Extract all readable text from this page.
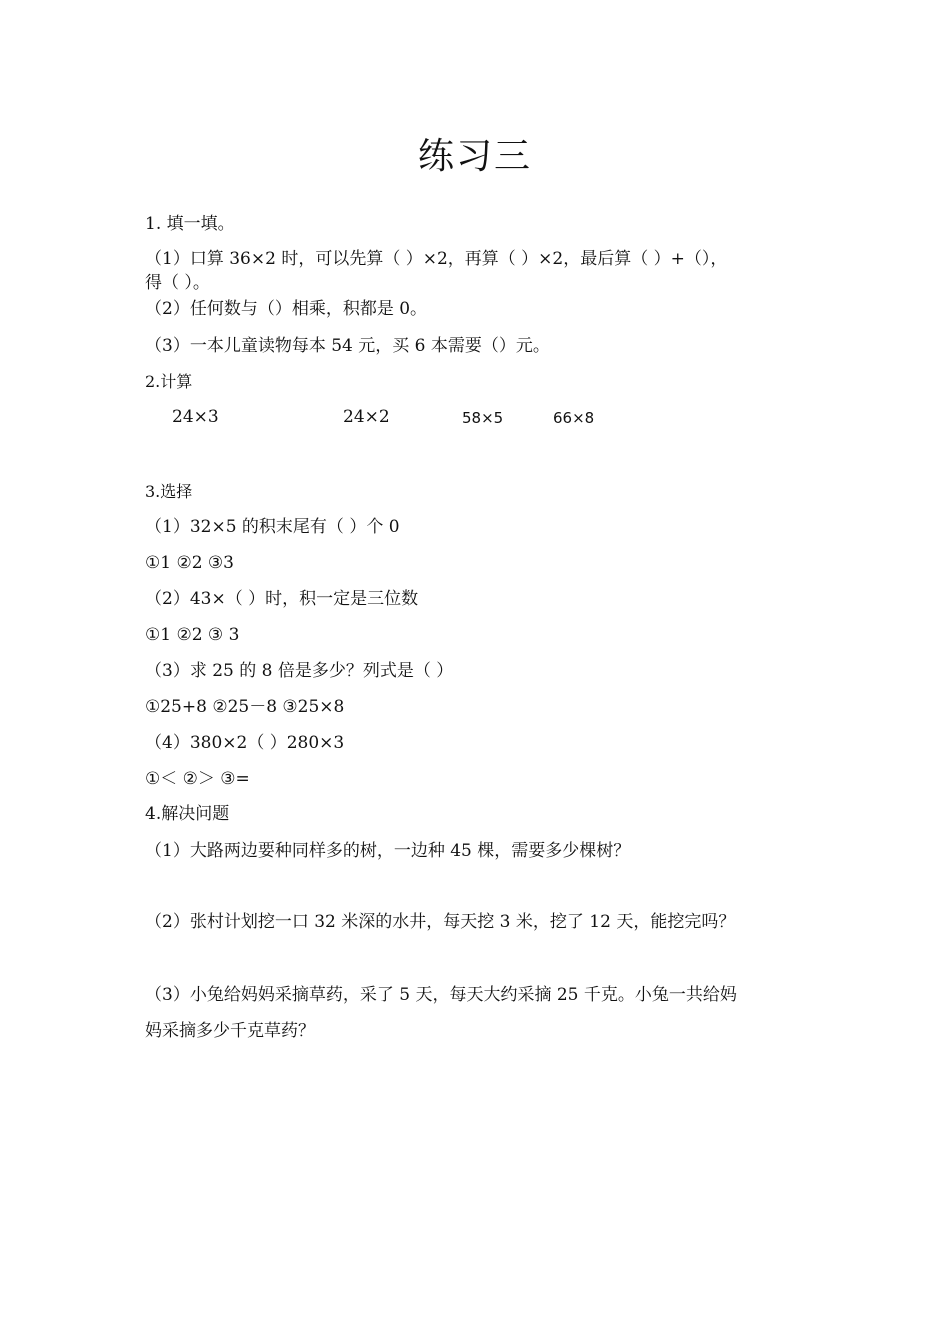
练习三
1. 填一填。
（1）口算 36×2 时，可以先算（ ）×2，再算（ ）×2，最后算（ ）+（），
得（ ）。
（2）任何数与（）相乘，积都是 0。
（3）一本儿童读物每本 54 元，买 6 本需要（）元。
2.计算
24×3	24×2	58×5	66×8
3.选择
（1）32×5 的积末尾有（ ）个 0
①1 ②2 ③3
（2）43×（ ）时，积一定是三位数
①1 ②2 ③ 3
（3）求 25 的 8 倍是多少？列式是（ ）
①25+8 ②25－8 ③25×8
（4）380×2（ ）280×3
①＜ ②＞ ③=
4.解决问题
（1）大路两边要种同样多的树，一边种 45 棵，需要多少棵树？
（2）张村计划挖一口 32 米深的水井，每天挖 3 米，挖了 12 天，能挖完吗？
（3）小兔给妈妈采摘草药，采了 5 天，每天大约采摘 25 千克。小兔一共给妈
妈采摘多少千克草药？
